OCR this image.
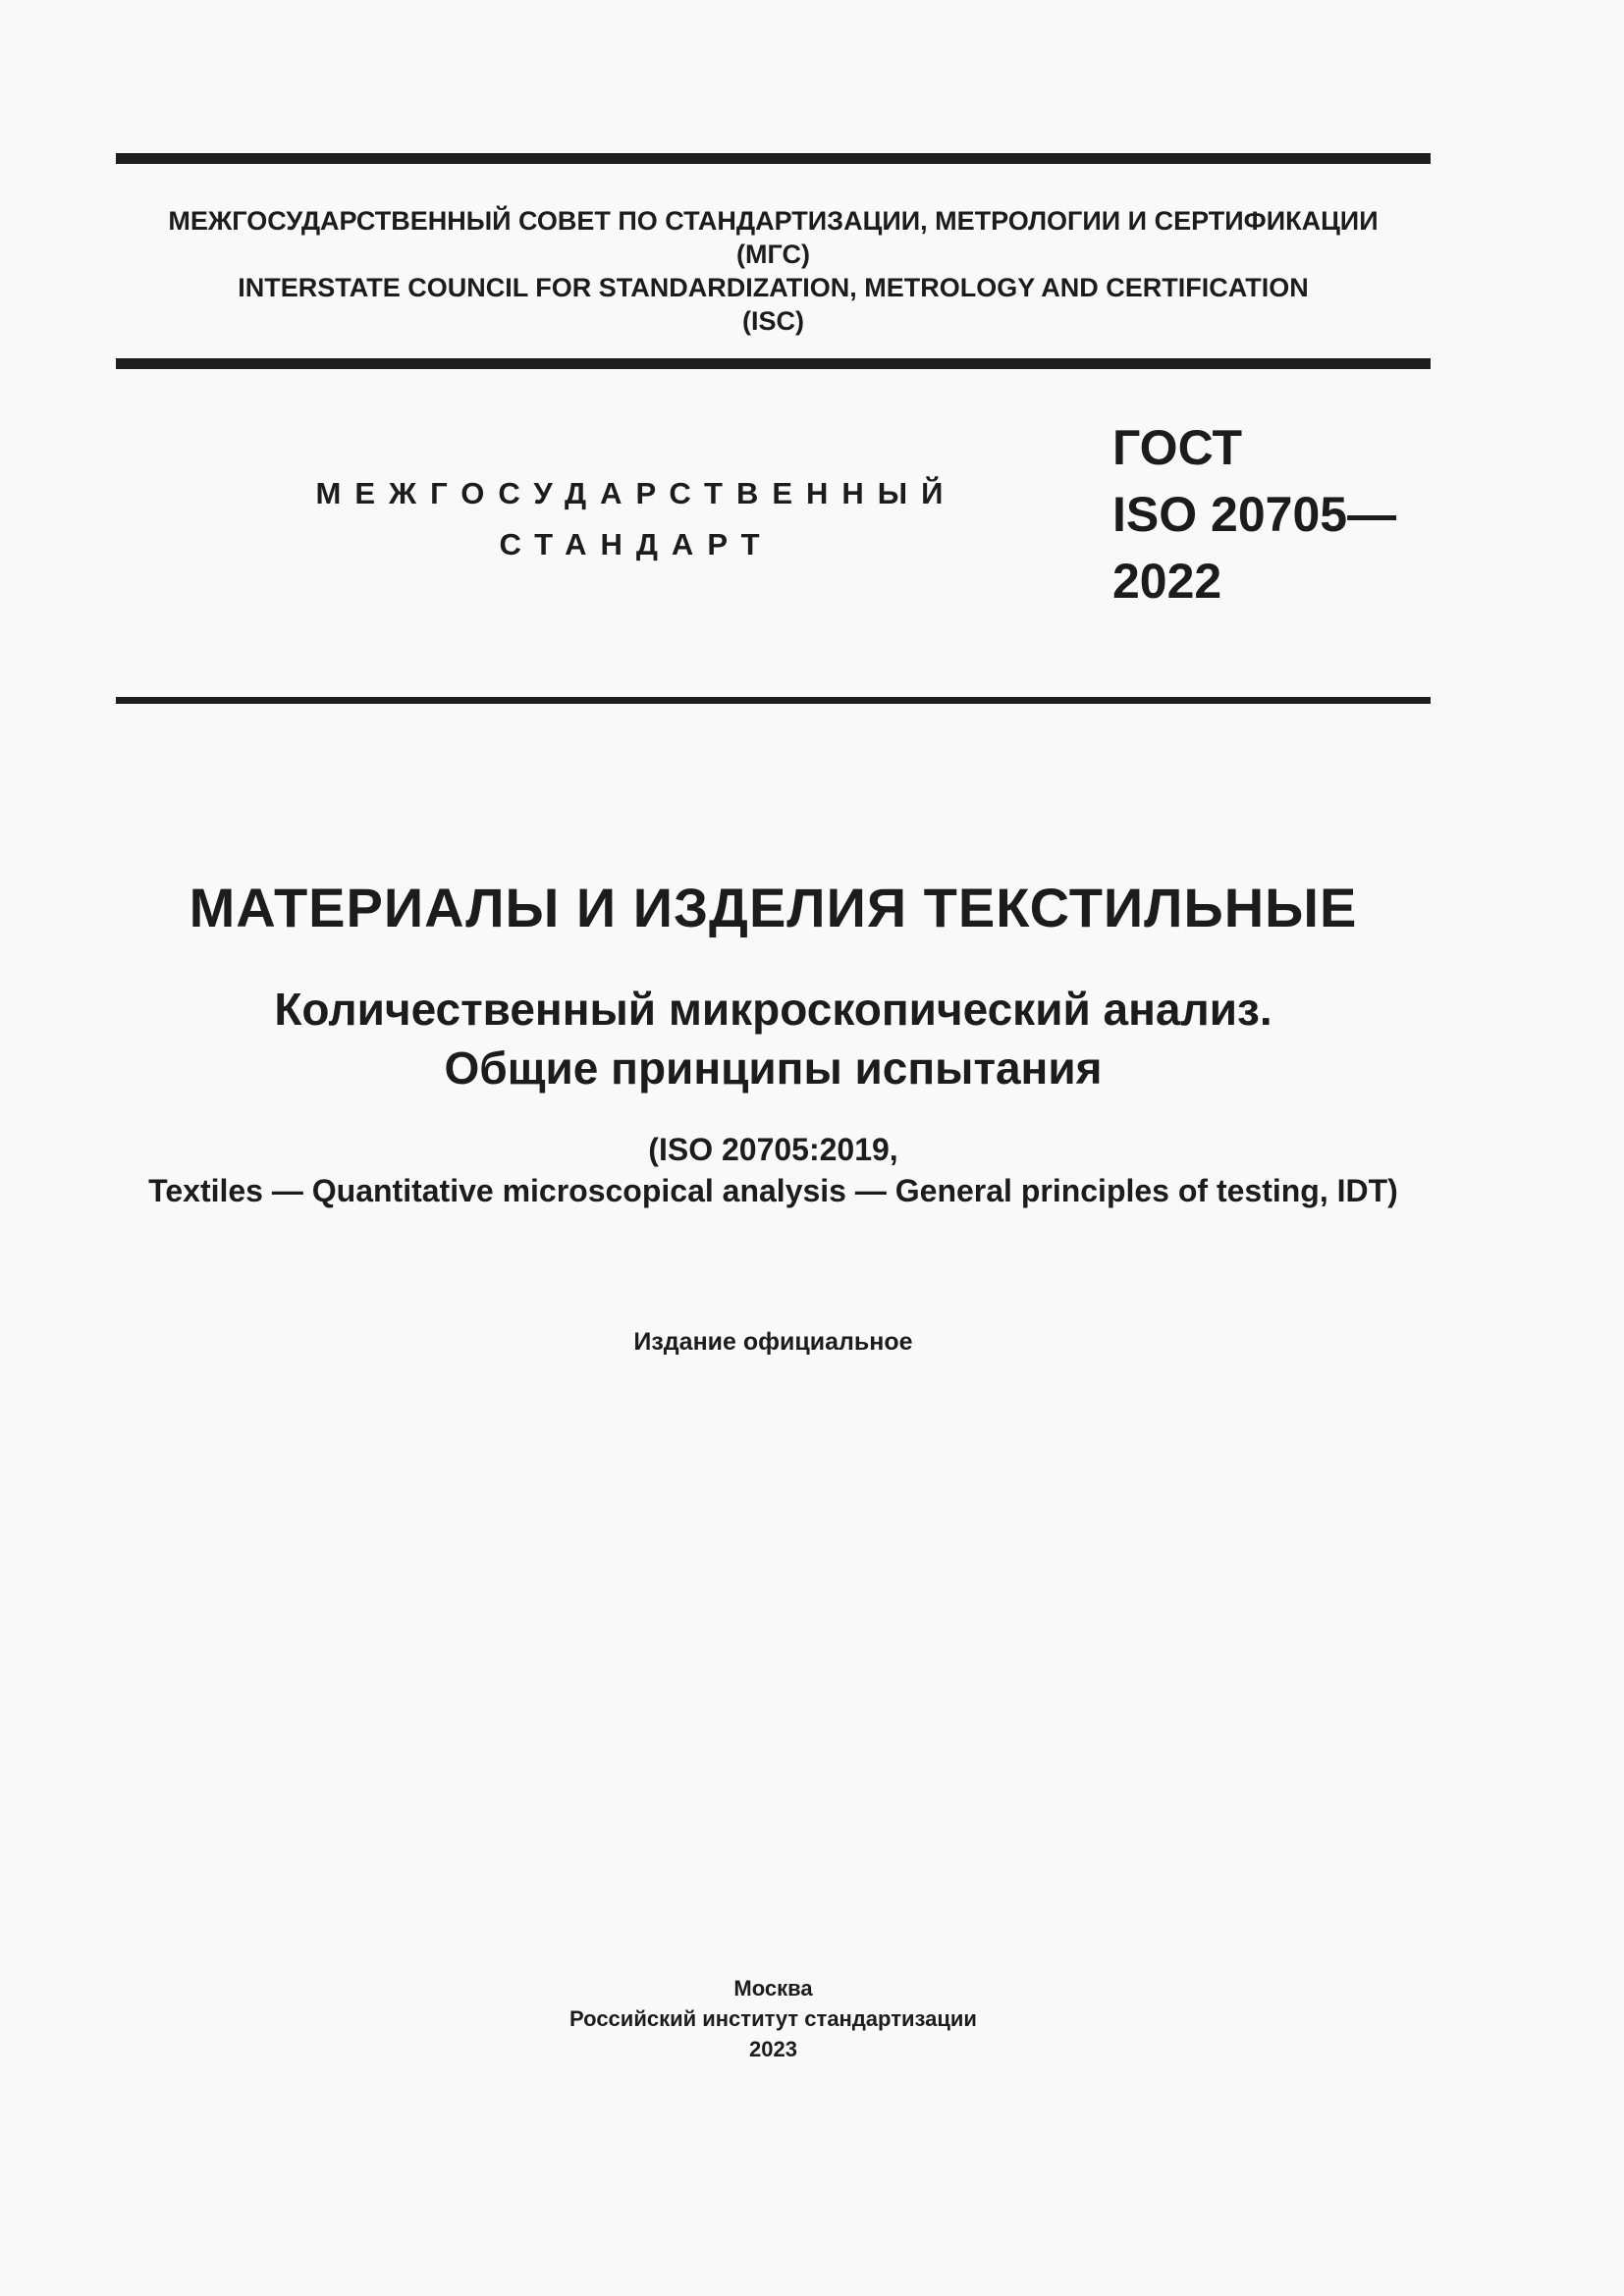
МЕЖГОСУДАРСТВЕННЫЙ СОВЕТ ПО СТАНДАРТИЗАЦИИ, МЕТРОЛОГИИ И СЕРТИФИКАЦИИ
(МГС)
INTERSTATE COUNCIL FOR STANDARDIZATION, METROLOGY AND CERTIFICATION
(ISC)
МЕЖГОСУДАРСТВЕННЫЙ
СТАНДАРТ
ГОСТ
ISO 20705—
2022
МАТЕРИАЛЫ И ИЗДЕЛИЯ ТЕКСТИЛЬНЫЕ
Количественный микроскопический анализ.
Общие принципы испытания
(ISO 20705:2019,
Textiles — Quantitative microscopical analysis — General principles of testing, IDT)
Издание официальное
Москва
Российский институт стандартизации
2023
